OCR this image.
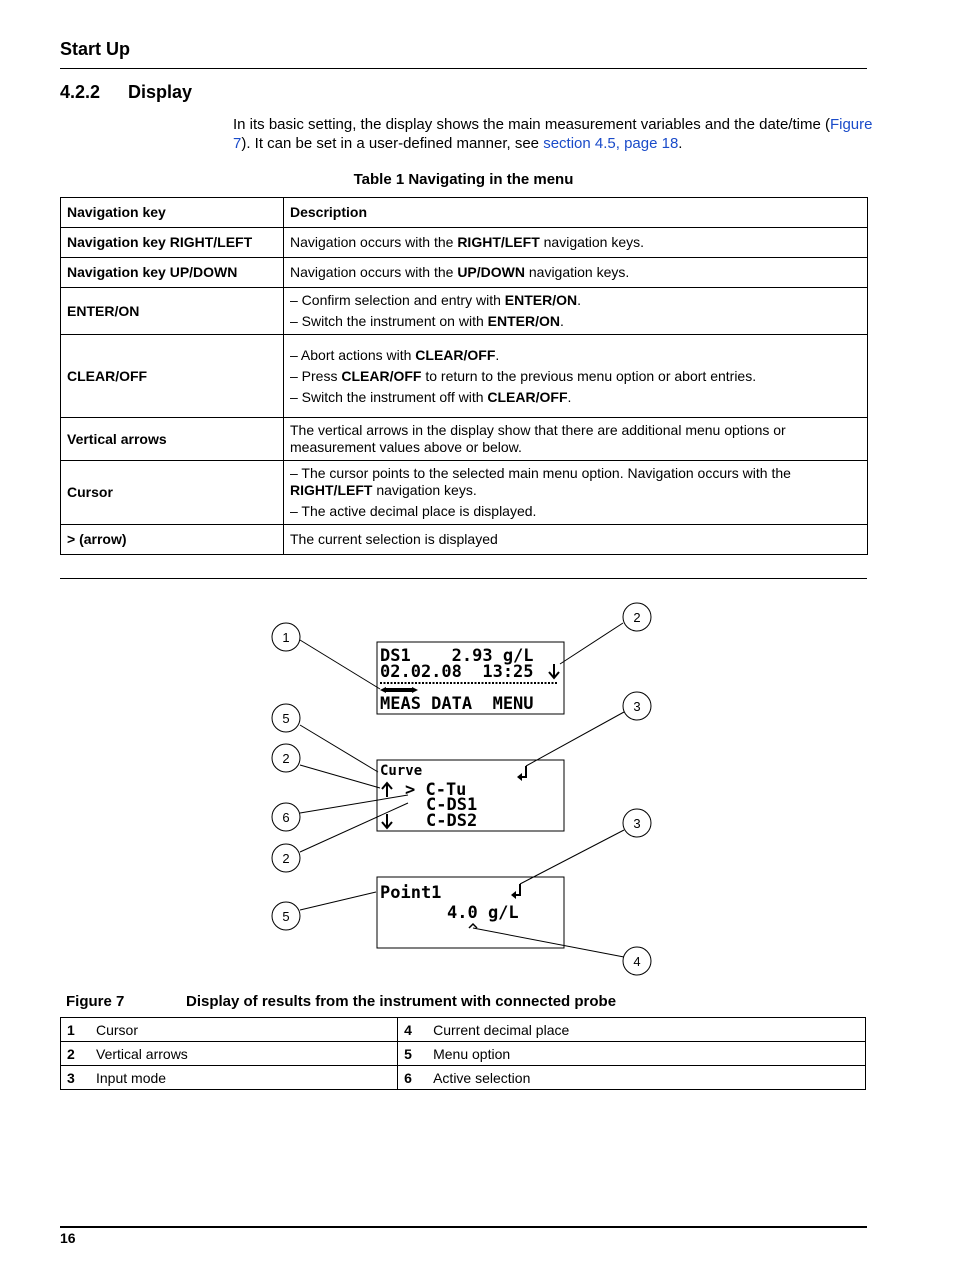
Start Up
4.2.2 Display
In its basic setting, the display shows the main measurement variables and the date/time (Figure 7). It can be set in a user-defined manner, see section 4.5, page 18.
Table 1 Navigating in the menu
Navigation key	Description
Navigation key RIGHT/LEFT	Navigation occurs with the RIGHT/LEFT navigation keys.

Navigation key UP/DOWN	Navigation occurs with the UP/DOWN navigation keys.

ENTER/ON	– Confirm selection and entry with ENTER/ON.
– Switch the instrument on with ENTER/ON.

CLEAR/OFF	– Abort actions with CLEAR/OFF.
– Press CLEAR/OFF to return to the previous menu option or abort entries.
– Switch the instrument off with CLEAR/OFF.

Vertical arrows	The vertical arrows in the display show that there are additional menu options or measurement values above or below.

Cursor	– The cursor points to the selected main menu option. Navigation occurs with the RIGHT/LEFT navigation keys.
– The active decimal place is displayed.

> (arrow)	The current selection is displayed
DS1    2.93 g/L
02.02.08  13:25
MEAS DATA  MENU
Curve
> C-Tu
C-DS1
C-DS2
Point1
4.0 g/L
1
2
3
5
2
3
6
2
5
4
Figure 7	Display of results from the instrument with connected probe
1	Cursor	4	Current decimal place
2	Vertical arrows	5	Menu option
3	Input mode	6	Active selection
16
